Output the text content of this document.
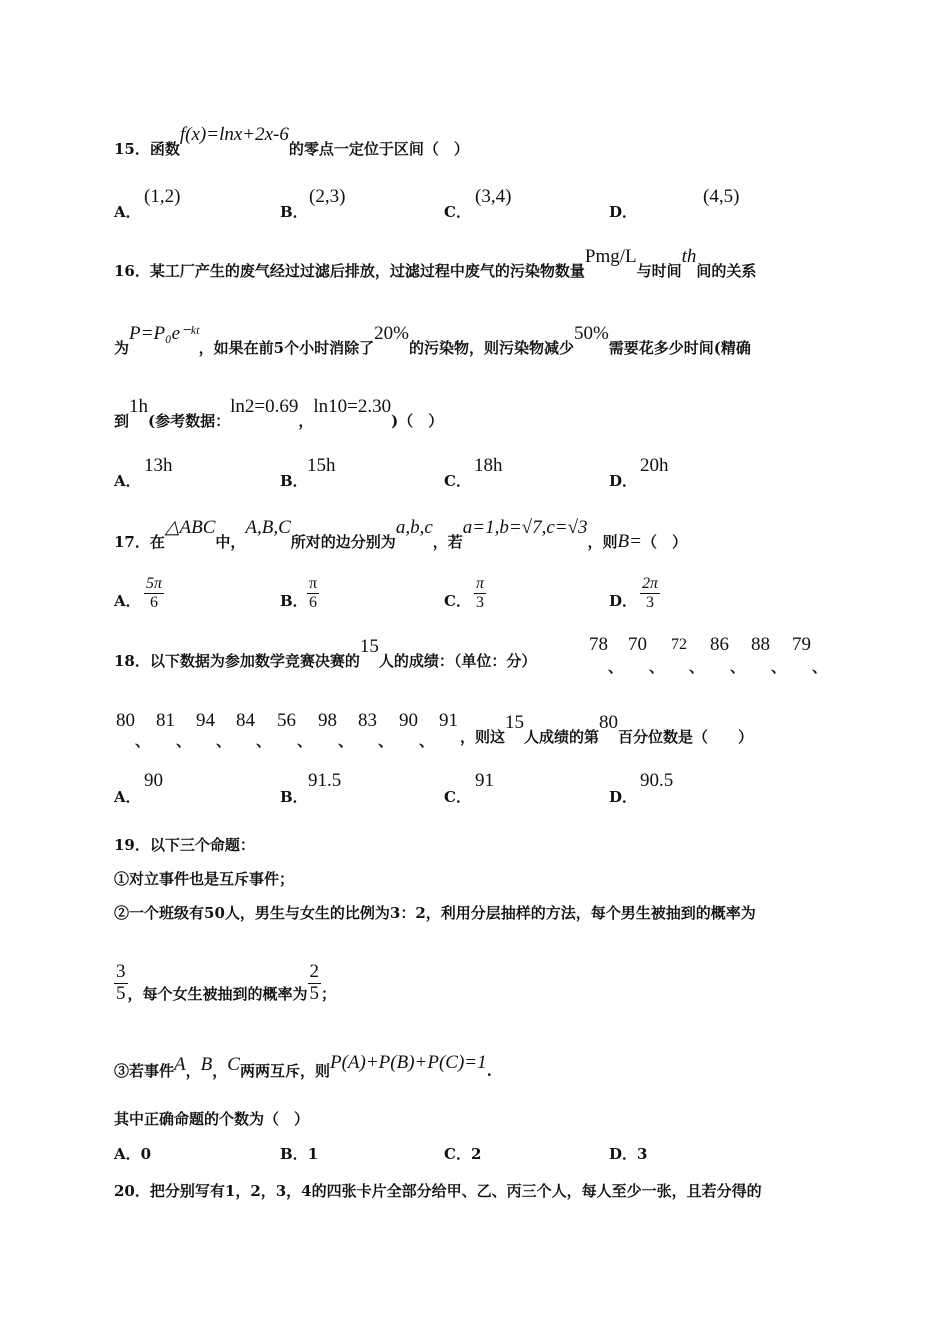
15．函数f(x)=lnx+2x-6的零点一定位于区间（　）
A．
(1,2)
B．
(2,3)
C．
(3,4)
D．
(4,5)
16．某工厂产生的废气经过过滤后排放，过滤过程中废气的污染物数量Pmg/L与时间th间的关系
为P=P₀e⁻ᵏᵗ，如果在前5个小时消除了20%的污染物，则污染物减少50%需要花多少时间(精确
到1h(参考数据：ln2=0.69，ln10=2.30)（　）
A．
13h
B．
15h
C．
18h
D．
20h
17．在△ABC中，A,B,C所对的边分别为a,b,c，若a=1,b=√7,c=√3，则B=（　）
A． $\frac{5\pi}{6}$	B． $\frac{\pi}{6}$	C． $\frac{\pi}{3}$	D． $\frac{2\pi}{3}$
18．以下数据为参加数学竞赛决赛的15人的成绩：（单位：分）
78
、
70
、
72
、
86
、
88
、
79
、
80
、
81
、
94
、
84
、
56
、
98
、
83
、
90
、
91
，则这15人成绩的第80百分位数是（　　）
A．
90
B．
91.5
C．
91
D．
90.5
19．以下三个命题：
①对立事件也是互斥事件；
②一个班级有50人，男生与女生的比例为3：2，利用分层抽样的方法，每个男生被抽到的概率为
$\frac{3}{5}$ ，每个女生被抽到的概率为 $\frac{2}{5}$ ；
③若事件A，B，C两两互斥，则P(A)+P(B)+P(C)=1.
其中正确命题的个数为（　）
A．0	B．1	C．2	D．3
20．把分别写有1，2，3，4的四张卡片全部分给甲、乙、丙三个人，每人至少一张，且若分得的
